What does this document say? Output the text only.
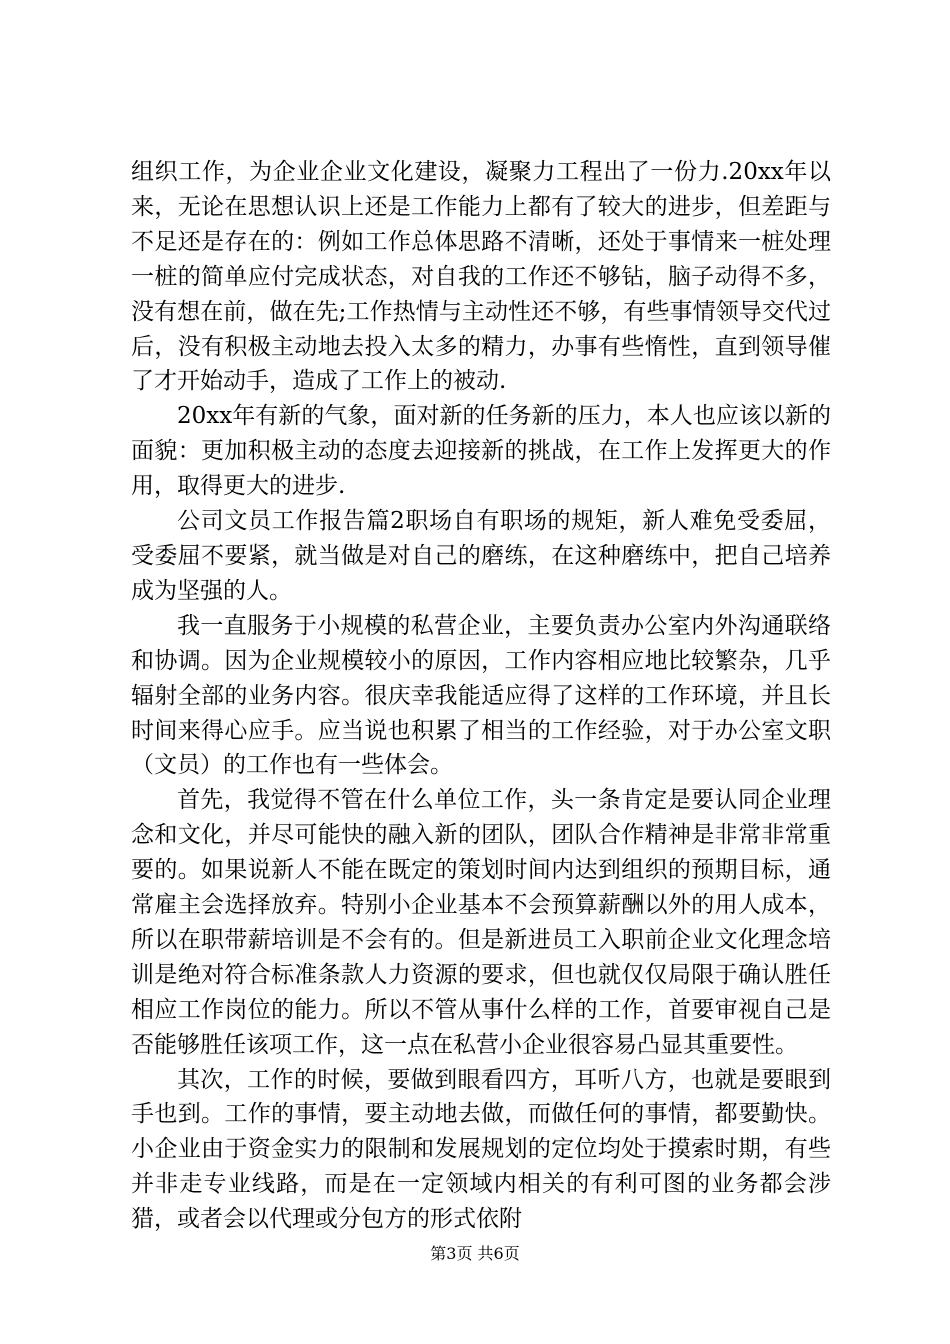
组织工作，为企业企业文化建设，凝聚力工程出了一份力.20xx年以来，无论在思想认识上还是工作能力上都有了较大的进步，但差距与不足还是存在的：例如工作总体思路不清晰，还处于事情来一桩处理一桩的简单应付完成状态，对自我的工作还不够钻，脑子动得不多，没有想在前，做在先;工作热情与主动性还不够，有些事情领导交代过后，没有积极主动地去投入太多的精力，办事有些惰性，直到领导催了才开始动手，造成了工作上的被动.

20xx年有新的气象，面对新的任务新的压力，本人也应该以新的面貌：更加积极主动的态度去迎接新的挑战，在工作上发挥更大的作用，取得更大的进步.

公司文员工作报告篇2职场自有职场的规矩，新人难免受委屈，受委屈不要紧，就当做是对自己的磨练，在这种磨练中，把自己培养成为坚强的人。

我一直服务于小规模的私营企业，主要负责办公室内外沟通联络和协调。因为企业规模较小的原因，工作内容相应地比较繁杂，几乎辐射全部的业务内容。很庆幸我能适应得了这样的工作环境，并且长时间来得心应手。应当说也积累了相当的工作经验，对于办公室文职（文员）的工作也有一些体会。

首先，我觉得不管在什么单位工作，头一条肯定是要认同企业理念和文化，并尽可能快的融入新的团队，团队合作精神是非常非常重要的。如果说新人不能在既定的策划时间内达到组织的预期目标，通常雇主会选择放弃。特别小企业基本不会预算薪酬以外的用人成本，所以在职带薪培训是不会有的。但是新进员工入职前企业文化理念培训是绝对符合标准条款人力资源的要求，但也就仅仅局限于确认胜任相应工作岗位的能力。所以不管从事什么样的工作，首要审视自己是否能够胜任该项工作，这一点在私营小企业很容易凸显其重要性。

其次，工作的时候，要做到眼看四方，耳听八方，也就是要眼到手也到。工作的事情，要主动地去做，而做任何的事情，都要勤快。小企业由于资金实力的限制和发展规划的定位均处于摸索时期，有些并非走专业线路，而是在一定领域内相关的有利可图的业务都会涉猎，或者会以代理或分包方的形式依附

第3页 共6页
